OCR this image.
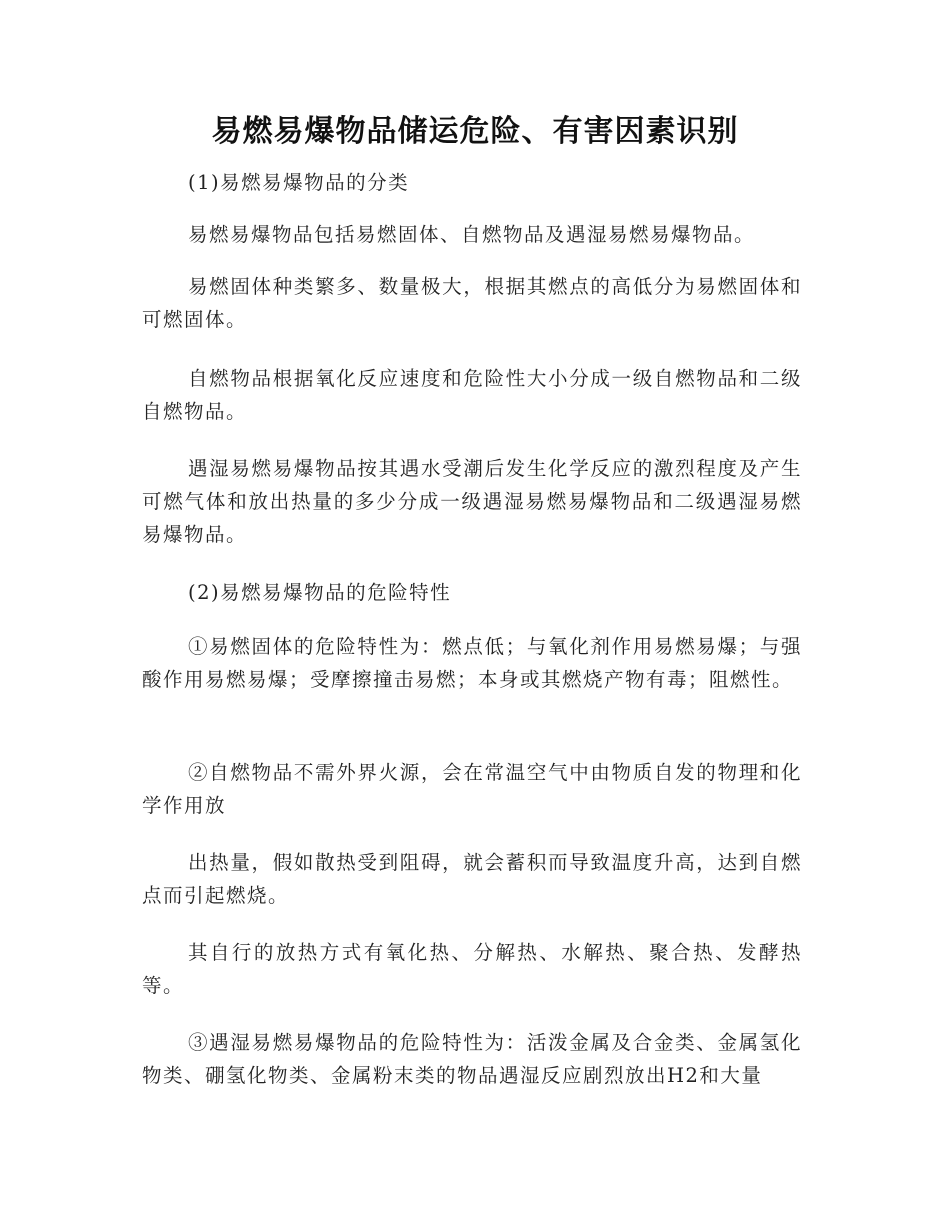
易燃易爆物品储运危险、有害因素识别

(1)易燃易爆物品的分类

易燃易爆物品包括易燃固体、自燃物品及遇湿易燃易爆物品。

易燃固体种类繁多、数量极大，根据其燃点的高低分为易燃固体和可燃固体。

自燃物品根据氧化反应速度和危险性大小分成一级自燃物品和二级自燃物品。

遇湿易燃易爆物品按其遇水受潮后发生化学反应的激烈程度及产生可燃气体和放出热量的多少分成一级遇湿易燃易爆物品和二级遇湿易燃易爆物品。

(2)易燃易爆物品的危险特性

①易燃固体的危险特性为：燃点低；与氧化剂作用易燃易爆；与强酸作用易燃易爆；受摩擦撞击易燃；本身或其燃烧产物有毒；阻燃性。

②自燃物品不需外界火源，会在常温空气中由物质自发的物理和化学作用放

出热量，假如散热受到阻碍，就会蓄积而导致温度升高，达到自燃点而引起燃烧。

其自行的放热方式有氧化热、分解热、水解热、聚合热、发酵热等。

③遇湿易燃易爆物品的危险特性为：活泼金属及合金类、金属氢化物类、硼氢化物类、金属粉末类的物品遇湿反应剧烈放出H2和大量
